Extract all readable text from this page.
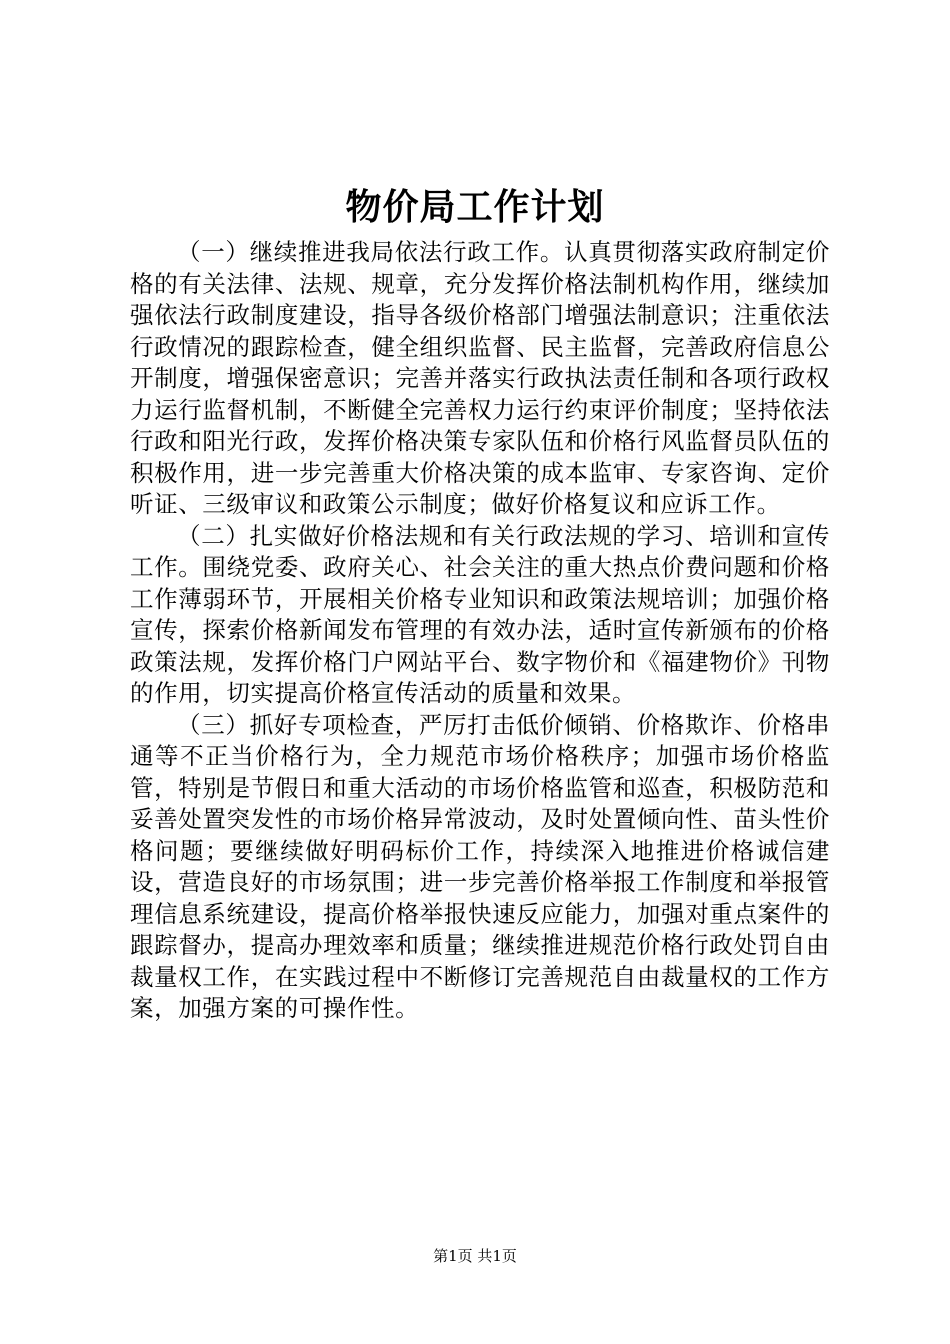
物价局工作计划

（一）继续推进我局依法行政工作。认真贯彻落实政府制定价格的有关法律、法规、规章，充分发挥价格法制机构作用，继续加强依法行政制度建设，指导各级价格部门增强法制意识；注重依法行政情况的跟踪检查，健全组织监督、民主监督，完善政府信息公开制度，增强保密意识；完善并落实行政执法责任制和各项行政权力运行监督机制，不断健全完善权力运行约束评价制度；坚持依法行政和阳光行政，发挥价格决策专家队伍和价格行风监督员队伍的积极作用，进一步完善重大价格决策的成本监审、专家咨询、定价听证、三级审议和政策公示制度；做好价格复议和应诉工作。

（二）扎实做好价格法规和有关行政法规的学习、培训和宣传工作。围绕党委、政府关心、社会关注的重大热点价费问题和价格工作薄弱环节，开展相关价格专业知识和政策法规培训；加强价格宣传，探索价格新闻发布管理的有效办法，适时宣传新颁布的价格政策法规，发挥价格门户网站平台、数字物价和《福建物价》刊物的作用，切实提高价格宣传活动的质量和效果。

（三）抓好专项检查，严厉打击低价倾销、价格欺诈、价格串通等不正当价格行为，全力规范市场价格秩序；加强市场价格监管，特别是节假日和重大活动的市场价格监管和巡查，积极防范和妥善处置突发性的市场价格异常波动，及时处置倾向性、苗头性价格问题；要继续做好明码标价工作，持续深入地推进价格诚信建设，营造良好的市场氛围；进一步完善价格举报工作制度和举报管理信息系统建设，提高价格举报快速反应能力，加强对重点案件的跟踪督办，提高办理效率和质量；继续推进规范价格行政处罚自由裁量权工作，在实践过程中不断修订完善规范自由裁量权的工作方案，加强方案的可操作性。

第1页 共1页
